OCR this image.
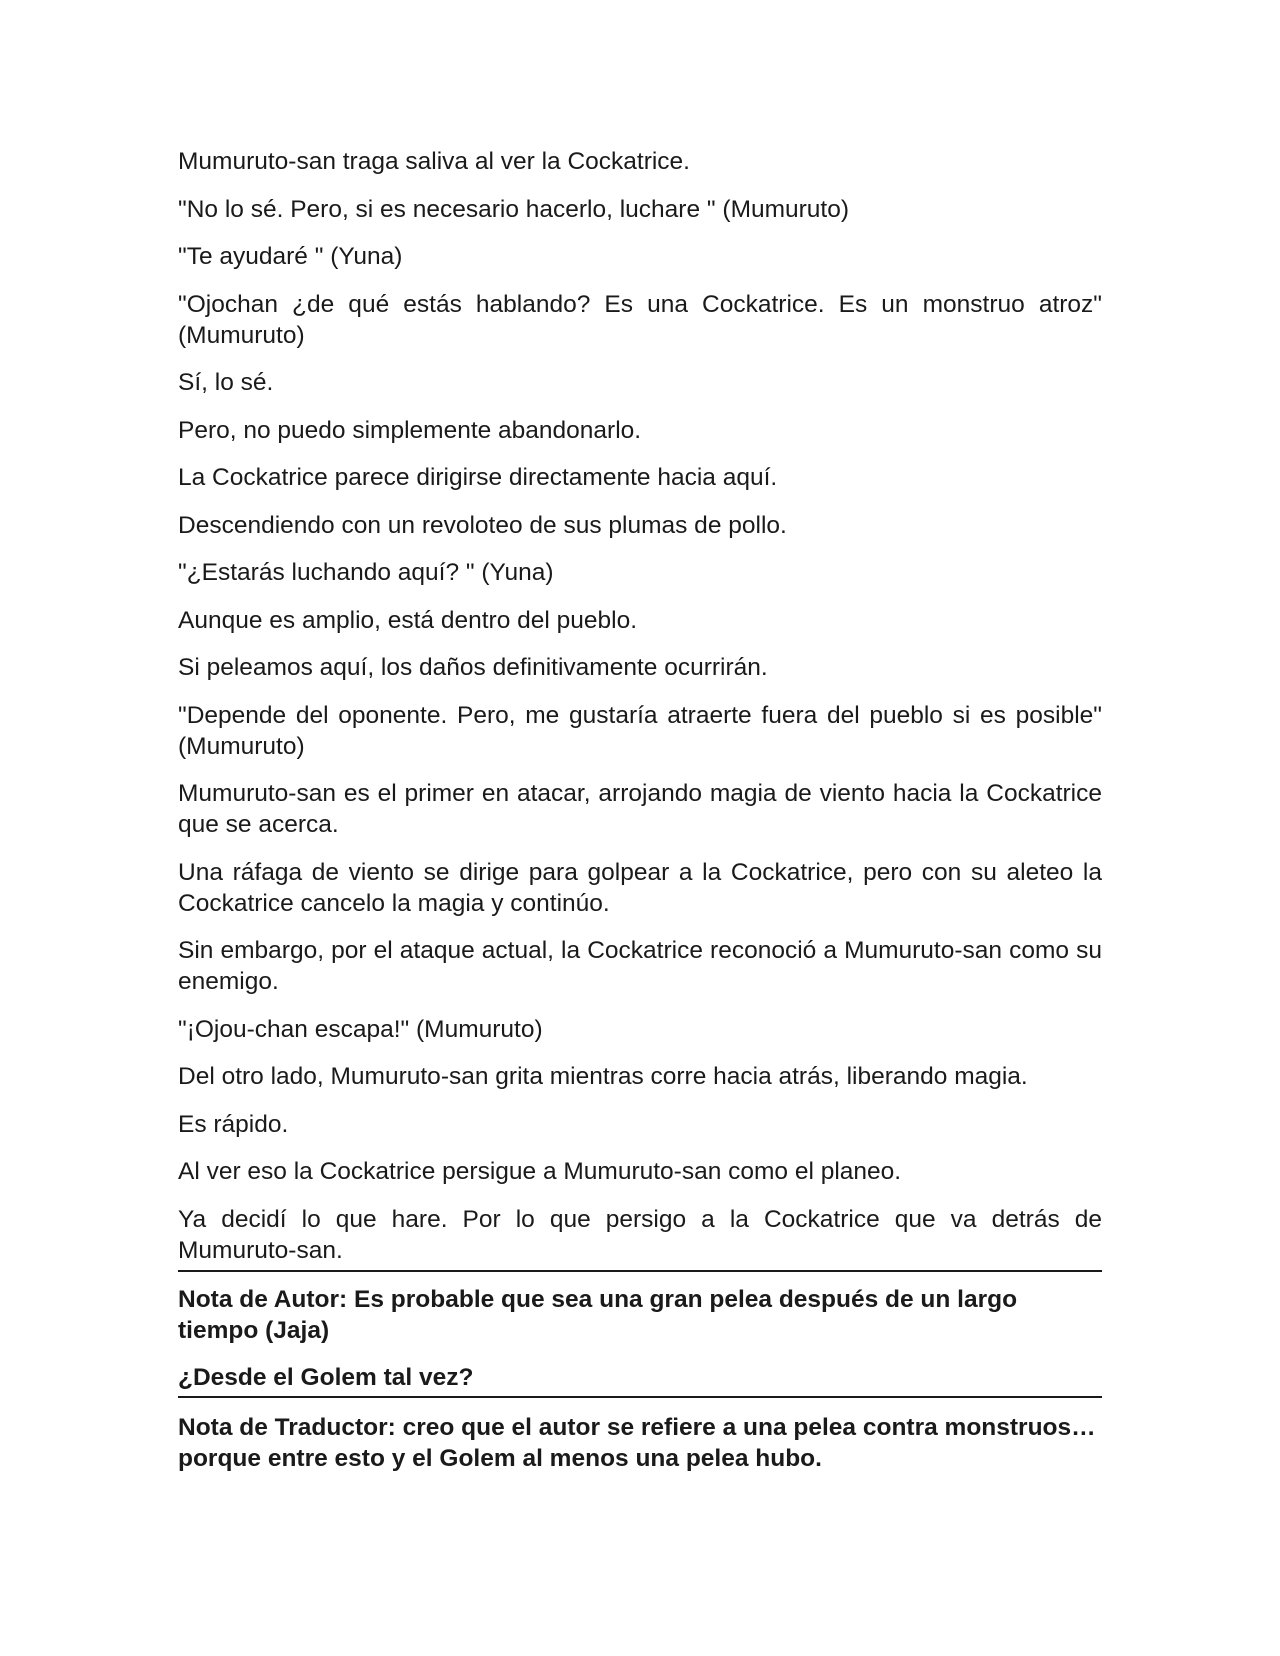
Mumuruto-san traga saliva al ver la Cockatrice.

"No lo sé. Pero, si es necesario hacerlo, luchare " (Mumuruto)

"Te ayudaré " (Yuna)

"Ojochan ¿de qué estás hablando? Es una Cockatrice. Es un monstruo atroz" (Mumuruto)

Sí, lo sé.

Pero, no puedo simplemente abandonarlo.

La Cockatrice parece dirigirse directamente hacia aquí.

Descendiendo con un revoloteo de sus plumas de pollo.

"¿Estarás luchando aquí? " (Yuna)

Aunque es amplio, está dentro del pueblo.

Si peleamos aquí, los daños definitivamente ocurrirán.

"Depende del oponente. Pero, me gustaría atraerte fuera del pueblo si es posible" (Mumuruto)

Mumuruto-san es el primer en atacar, arrojando magia de viento hacia la Cockatrice que se acerca.

Una ráfaga de viento se dirige para golpear a la Cockatrice, pero con su aleteo la Cockatrice cancelo la magia y continúo.

Sin embargo, por el ataque actual, la Cockatrice reconoció a Mumuruto-san como su enemigo.

"¡Ojou-chan escapa!" (Mumuruto)

Del otro lado, Mumuruto-san grita mientras corre hacia atrás, liberando magia.

Es rápido.

Al ver eso la Cockatrice persigue a Mumuruto-san como el planeo.

Ya decidí lo que hare. Por lo que persigo a la Cockatrice que va detrás de Mumuruto-san.

Nota de Autor: Es probable que sea una gran pelea después de un largo tiempo (Jaja)

¿Desde el Golem tal vez?

Nota de Traductor: creo que el autor se refiere a una pelea contra monstruos… porque entre esto y el Golem al menos una pelea hubo.
